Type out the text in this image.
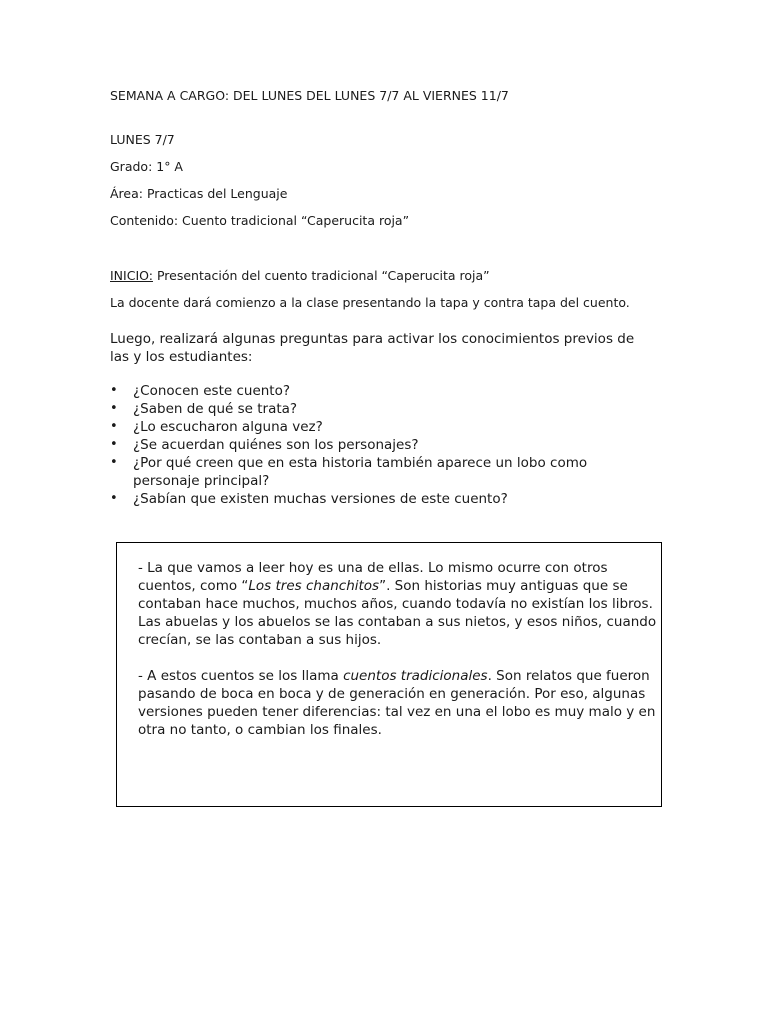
SEMANA A CARGO: DEL LUNES DEL LUNES 7/7 AL VIERNES 11/7
LUNES 7/7
Grado: 1° A
Área: Practicas del Lenguaje
Contenido: Cuento tradicional “Caperucita roja”
INICIO: Presentación del cuento tradicional “Caperucita roja”
La docente dará comienzo a la clase presentando la tapa y contra tapa del cuento.
Luego, realizará algunas preguntas para activar los conocimientos previos de las y los estudiantes:
• ¿Conocen este cuento?
• ¿Saben de qué se trata?
• ¿Lo escucharon alguna vez?
• ¿Se acuerdan quiénes son los personajes?
• ¿Por qué creen que en esta historia también aparece un lobo como personaje principal?
• ¿Sabían que existen muchas versiones de este cuento?

- La que vamos a leer hoy es una de ellas. Lo mismo ocurre con otros cuentos, como “Los tres chanchitos”. Son historias muy antiguas que se contaban hace muchos, muchos años, cuando todavía no existían los libros. Las abuelas y los abuelos se las contaban a sus nietos, y esos niños, cuando crecían, se las contaban a sus hijos.

- A estos cuentos se los llama cuentos tradicionales. Son relatos que fueron pasando de boca en boca y de generación en generación. Por eso, algunas versiones pueden tener diferencias: tal vez en una el lobo es muy malo y en otra no tanto, o cambian los finales.
